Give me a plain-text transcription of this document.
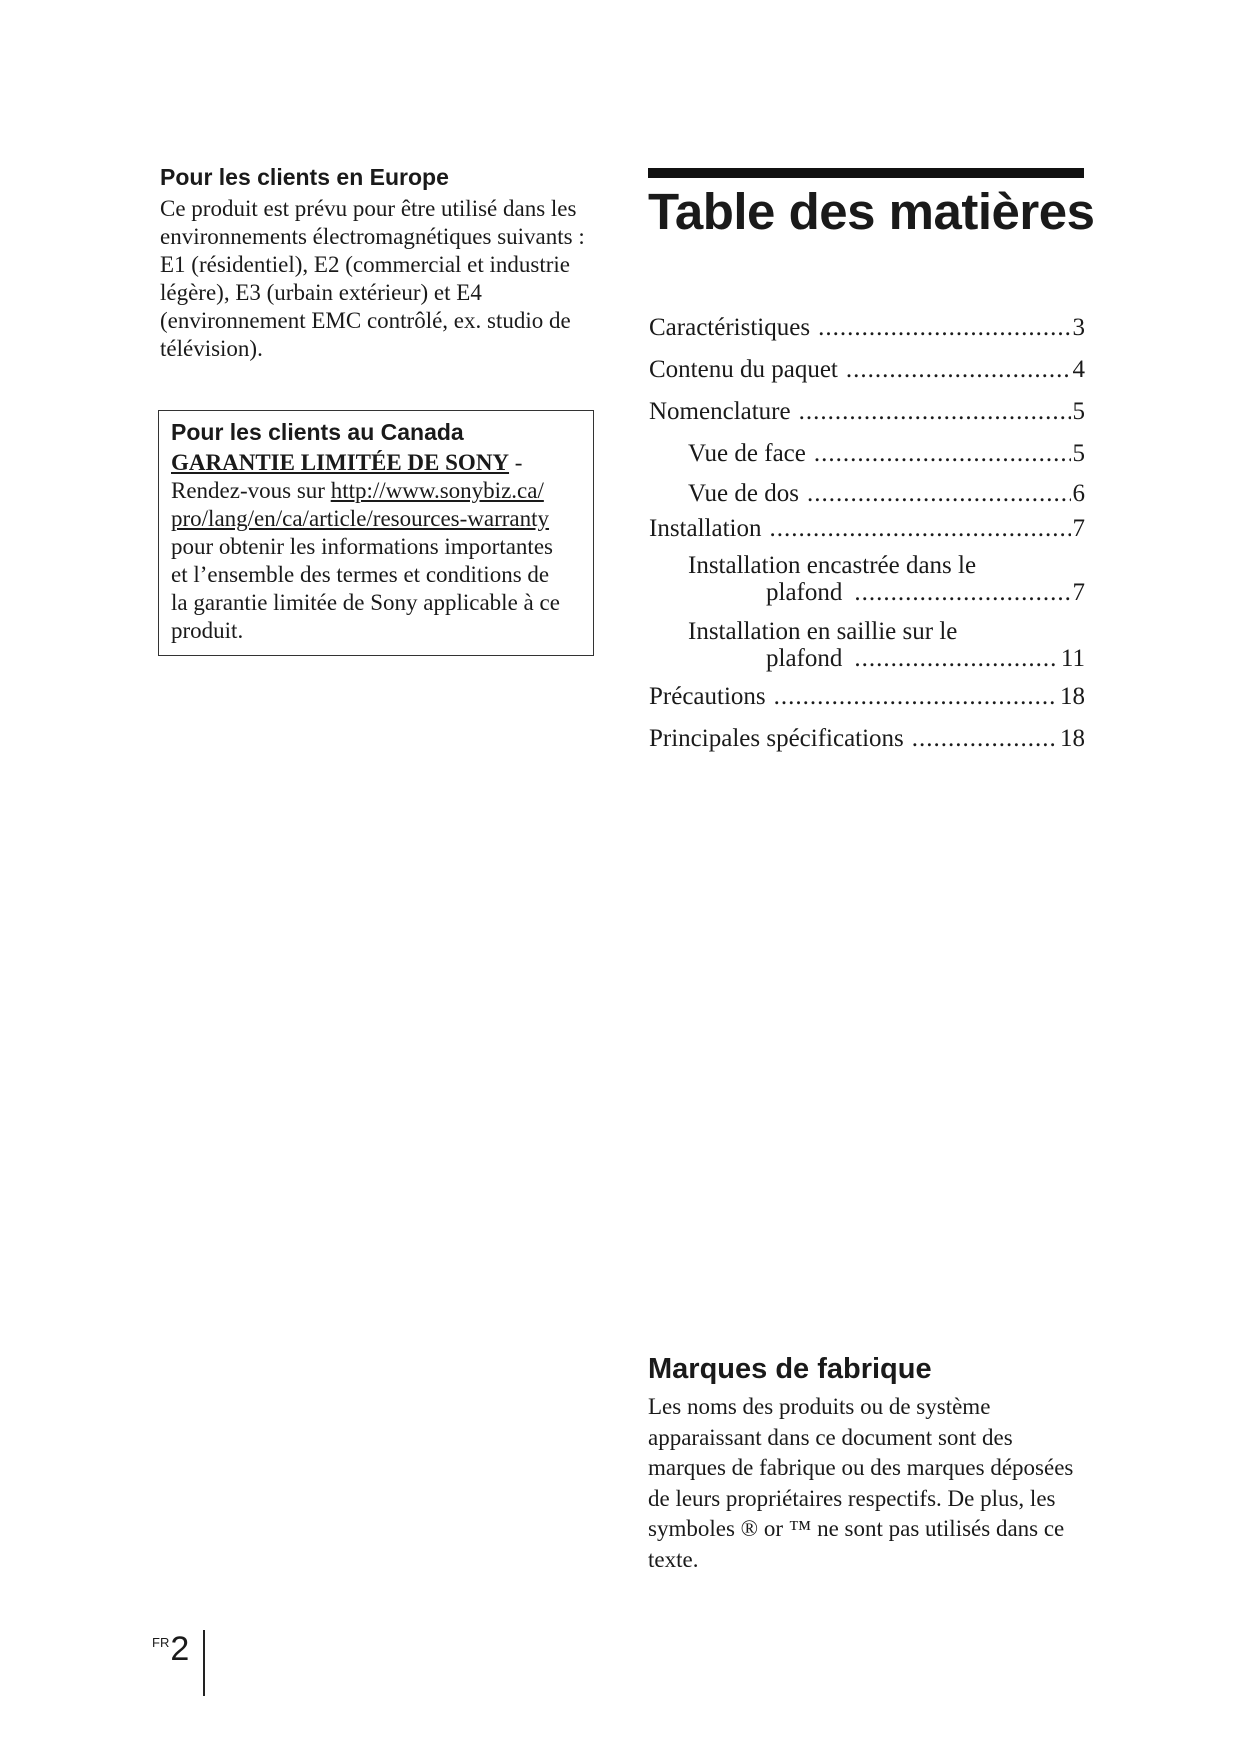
Pour les clients en Europe

Ce produit est prévu pour être utilisé dans les environnements électromagnétiques suivants : E1 (résidentiel), E2 (commercial et industrie légère), E3 (urbain extérieur) et E4 (environnement EMC contrôlé, ex. studio de télévision).

Pour les clients au Canada
GARANTIE LIMITÉE DE SONY -
Rendez-vous sur http://www.sonybiz.ca/
pro/lang/en/ca/article/resources-warranty
pour obtenir les informations importantes
et l’ensemble des termes et conditions de
la garantie limitée de Sony applicable à ce
produit.
Table des matières
Caractéristiques .....	3
Contenu du paquet .....	4
Nomenclature .....	5
Vue de face .....	5
Vue de dos .....	6
Installation .....	7
Installation encastrée dans le
plafond .....	7
Installation en saillie sur le
plafond .....	11
Précautions .....	18
Principales spécifications .....	18
Marques de fabrique

Les noms des produits ou de système apparaissant dans ce document sont des marques de fabrique ou des marques déposées de leurs propriétaires respectifs. De plus, les symboles ® or ™ ne sont pas utilisés dans ce texte.

FR 2
